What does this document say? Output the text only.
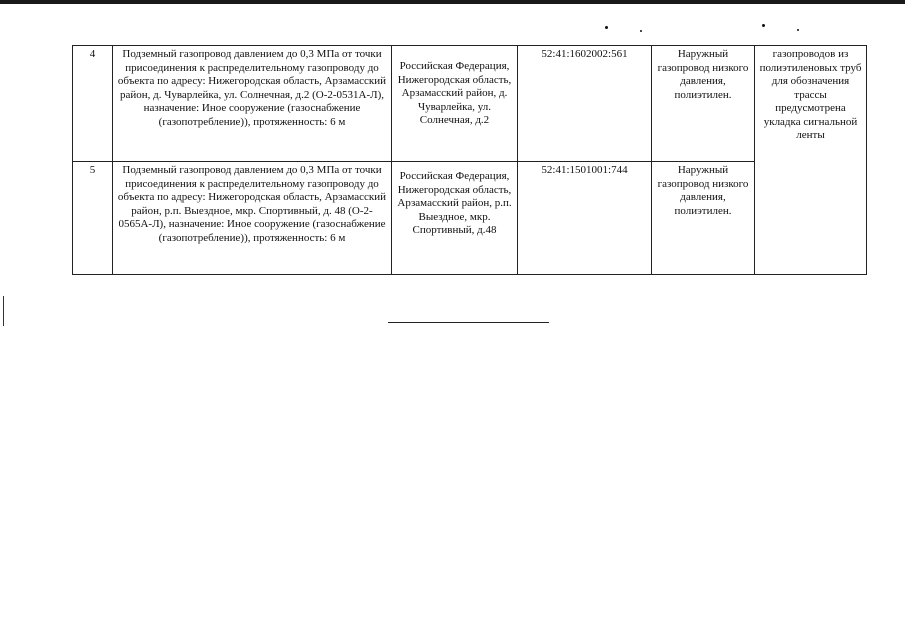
4	Подземный газопровод давлением до 0,3 МПа от точки присоединения к распределительному газопроводу до объекта по адресу: Нижегородская область, Арзамасский район, д. Чуварлейка, ул. Солнечная, д.2 (О-2-0531А-Л), назначение: Иное сооружение (газоснабжение (газопотребление)), протяженность: 6 м	Российская Федерация, Нижегородская область, Арзамасский район, д. Чуварлейка, ул. Солнечная, д.2	52:41:1602002:561	Наружный газопровод низкого давления, полиэтилен.	газопроводов из полиэтиленовых труб для обозначения трассы предусмотрена укладка сигнальной ленты
5	Подземный газопровод давлением до 0,3 МПа от точки присоединения к распределительному газопроводу до объекта по адресу: Нижегородская область, Арзамасский район, р.п. Выездное, мкр. Спортивный, д. 48 (О-2-0565А-Л), назначение: Иное сооружение (газоснабжение (газопотребление)), протяженность: 6 м	Российская Федерация, Нижегородская область, Арзамасский район, р.п. Выездное, мкр. Спортивный, д.48	52:41:1501001:744	Наружный газопровод низкого давления, полиэтилен.	
